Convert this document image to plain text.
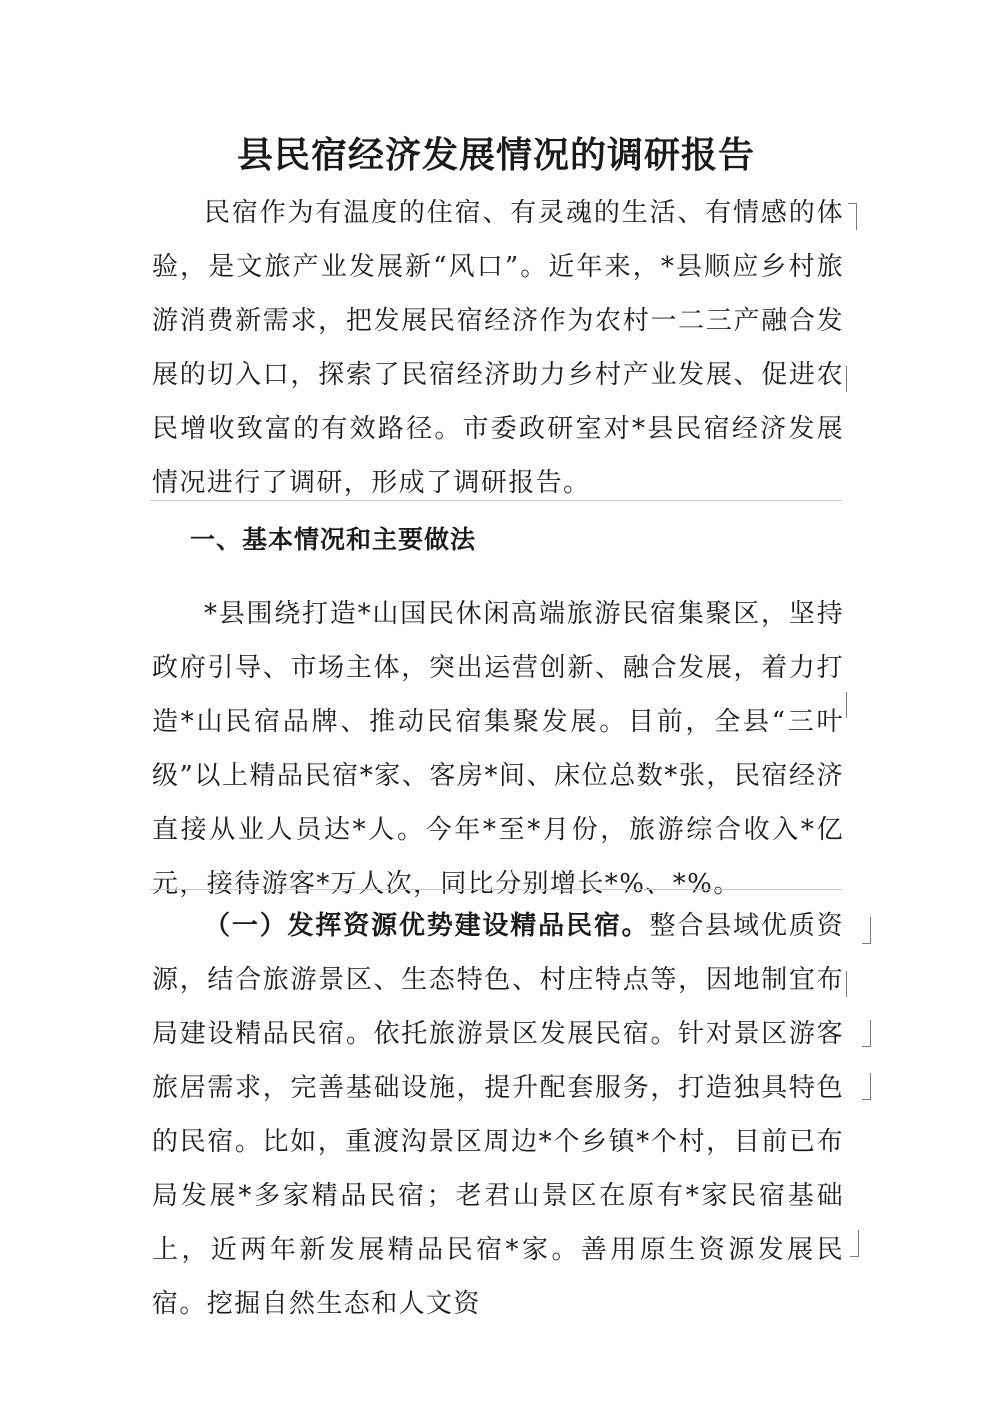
县民宿经济发展情况的调研报告

民宿作为有温度的住宿、有灵魂的生活、有情感的体验，是文旅产业发展新“风口”。近年来，*县顺应乡村旅游消费新需求，把发展民宿经济作为农村一二三产融合发展的切入口，探索了民宿经济助力乡村产业发展、促进农民增收致富的有效路径。市委政研室对*县民宿经济发展情况进行了调研，形成了调研报告。

一、基本情况和主要做法

*县围绕打造*山国民休闲高端旅游民宿集聚区，坚持政府引导、市场主体，突出运营创新、融合发展，着力打造*山民宿品牌、推动民宿集聚发展。目前，全县“三叶级”以上精品民宿*家、客房*间、床位总数*张，民宿经济直接从业人员达*人。今年*至*月份，旅游综合收入*亿元，接待游客*万人次，同比分别增长*%、*%。

（一）发挥资源优势建设精品民宿。整合县域优质资源，结合旅游景区、生态特色、村庄特点等，因地制宜布局建设精品民宿。依托旅游景区发展民宿。针对景区游客旅居需求，完善基础设施，提升配套服务，打造独具特色的民宿。比如，重渡沟景区周边*个乡镇*个村，目前已布局发展*多家精品民宿；老君山景区在原有*家民宿基础上，近两年新发展精品民宿*家。善用原生资源发展民宿。挖掘自然生态和人文资
